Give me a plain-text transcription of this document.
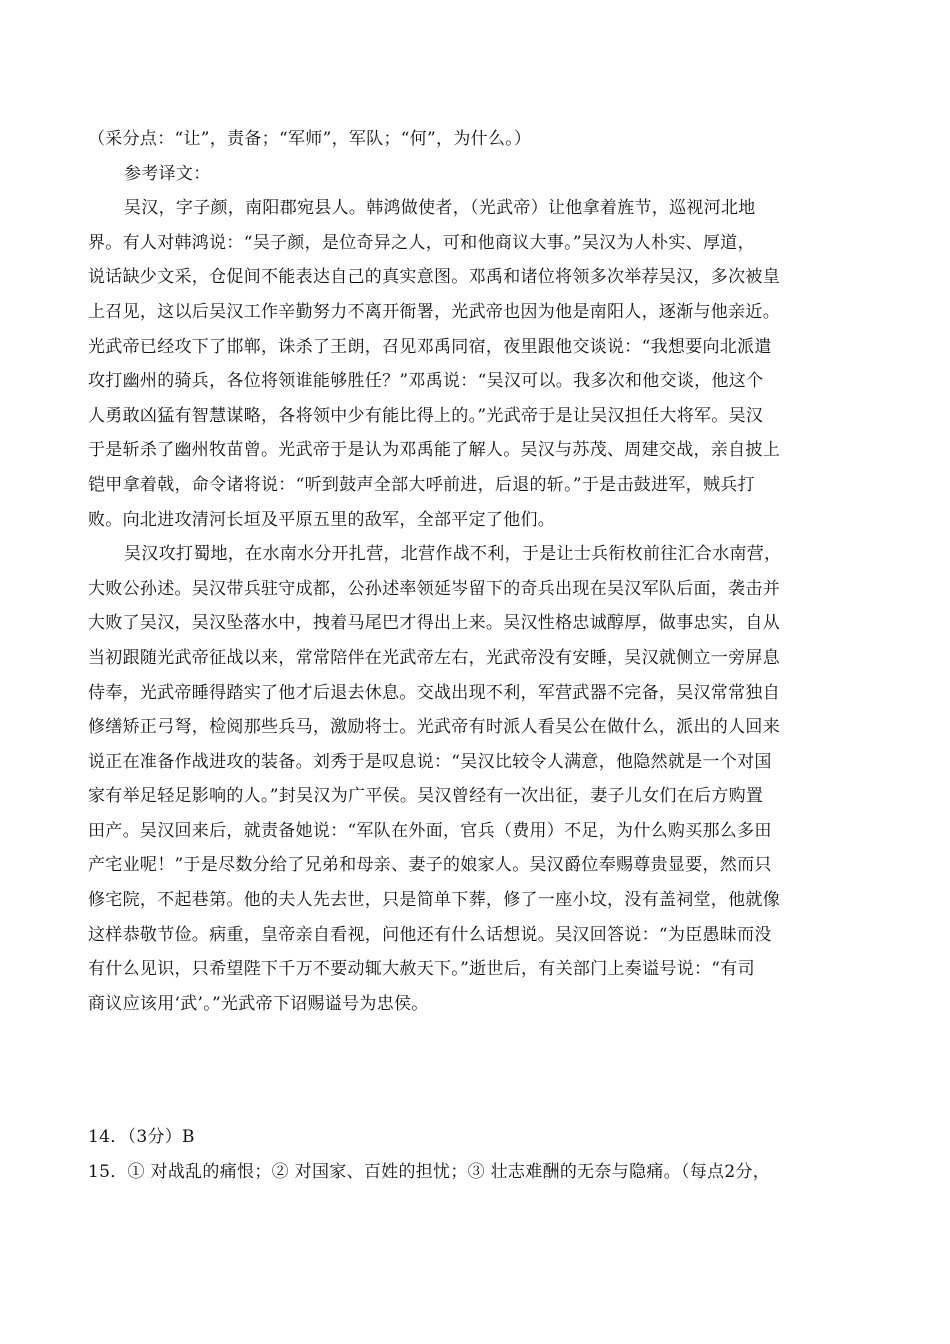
（采分点：“让”，责备；“军师”，军队；“何”，为什么。）
参考译文：
吴汉，字子颜，南阳郡宛县人。韩鸿做使者，（光武帝）让他拿着旌节，巡视河北地
界。有人对韩鸿说：“吴子颜，是位奇异之人，可和他商议大事。”吴汉为人朴实、厚道，
说话缺少文采，仓促间不能表达自己的真实意图。邓禹和诸位将领多次举荐吴汉，多次被皇
上召见，这以后吴汉工作辛勤努力不离开衙署，光武帝也因为他是南阳人，逐渐与他亲近。
光武帝已经攻下了邯郸，诛杀了王朗，召见邓禹同宿，夜里跟他交谈说：“我想要向北派遣
攻打幽州的骑兵，各位将领谁能够胜任？”邓禹说：“吴汉可以。我多次和他交谈，他这个
人勇敢凶猛有智慧谋略，各将领中少有能比得上的。”光武帝于是让吴汉担任大将军。吴汉
于是斩杀了幽州牧苗曾。光武帝于是认为邓禹能了解人。吴汉与苏茂、周建交战，亲自披上
铠甲拿着戟，命令诸将说：“听到鼓声全部大呼前进，后退的斩。”于是击鼓进军，贼兵打
败。向北进攻清河长垣及平原五里的敌军，全部平定了他们。
吴汉攻打蜀地，在水南水分开扎营，北营作战不利，于是让士兵衔枚前往汇合水南营，
大败公孙述。吴汉带兵驻守成都，公孙述率领延岑留下的奇兵出现在吴汉军队后面，袭击并
大败了吴汉，吴汉坠落水中，拽着马尾巴才得出上来。吴汉性格忠诚醇厚，做事忠实，自从
当初跟随光武帝征战以来，常常陪伴在光武帝左右，光武帝没有安睡，吴汉就侧立一旁屏息
侍奉，光武帝睡得踏实了他才后退去休息。交战出现不利，军营武器不完备，吴汉常常独自
修缮矫正弓弩，检阅那些兵马，激励将士。光武帝有时派人看吴公在做什么，派出的人回来
说正在准备作战进攻的装备。刘秀于是叹息说：“吴汉比较令人满意，他隐然就是一个对国
家有举足轻足影响的人。”封吴汉为广平侯。吴汉曾经有一次出征，妻子儿女们在后方购置
田产。吴汉回来后，就责备她说：“军队在外面，官兵（费用）不足，为什么购买那么多田
产宅业呢！”于是尽数分给了兄弟和母亲、妻子的娘家人。吴汉爵位奉赐尊贵显要，然而只
修宅院，不起巷第。他的夫人先去世，只是简单下葬，修了一座小坟，没有盖祠堂，他就像
这样恭敬节俭。病重，皇帝亲自看视，问他还有什么话想说。吴汉回答说：“为臣愚昧而没
有什么见识，只希望陛下千万不要动辄大赦天下。”逝世后，有关部门上奏谥号说：“有司
商议应该用‘武’。”光武帝下诏赐谥号为忠侯。
14．（3分）B
15．① 对战乱的痛恨；② 对国家、百姓的担忧；③ 壮志难酬的无奈与隐痛。（每点2分，
